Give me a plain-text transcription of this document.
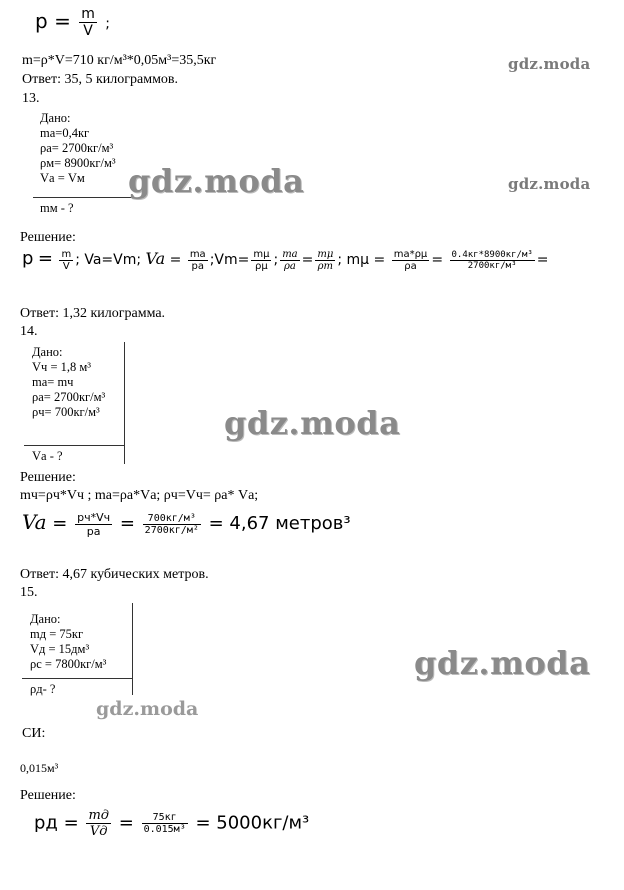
$p = \frac{m}{V}$ ;
m=ρ*V=710 кг/м³*0,05м³=35,5кг
Ответ: 35, 5 килограммов.
gdz.moda
13.
Дано:
mа=0,4кг
ρа= 2700кг/м³
ρм= 8900кг/м³
Vа = Vм
mм - ?
gdz.moda	gdz.moda
Решение:
$p = \frac{m}{V}$ ; Va=Vm; $Va = \frac{ma}{pa}$ ;Vm= $\frac{m\mu}{\rho\mu}$ ; $\frac{ma}{\rho a} = \frac{m\mu}{\rho m}$ ; $m\mu = \frac{ma*\rho\mu}{\rho a} = \frac{\text{0.4кг*8900кг/м³}}{\text{2700кг/м³}}$ =
Ответ: 1,32 килограмма.
14.
Дано:
Vч = 1,8 м³
mа= mч
ρа= 2700кг/м³
ρч= 700кг/м³
Vа - ?
gdz.moda
Решение:
mч=ρч*Vч ; mа=ρа*Vа; ρч=Vч= ρа* Vа;
$Va = \frac{pч*Vч}{pa} = \frac{\text{700кг/м³}}{\text{2700кг/м²}} = 4,67$ метров³
Ответ: 4,67 кубических метров.
15.
Дано:
mд = 75кг
Vд = 15дм³
ρс = 7800кг/м³
ρд- ?
gdz.moda
gdz.moda
СИ:
0,015м³
Решение:
pд = $\frac{mд}{Vд} = \frac{75кг}{\text{0.015м³}} = 5000кг/м^3$
